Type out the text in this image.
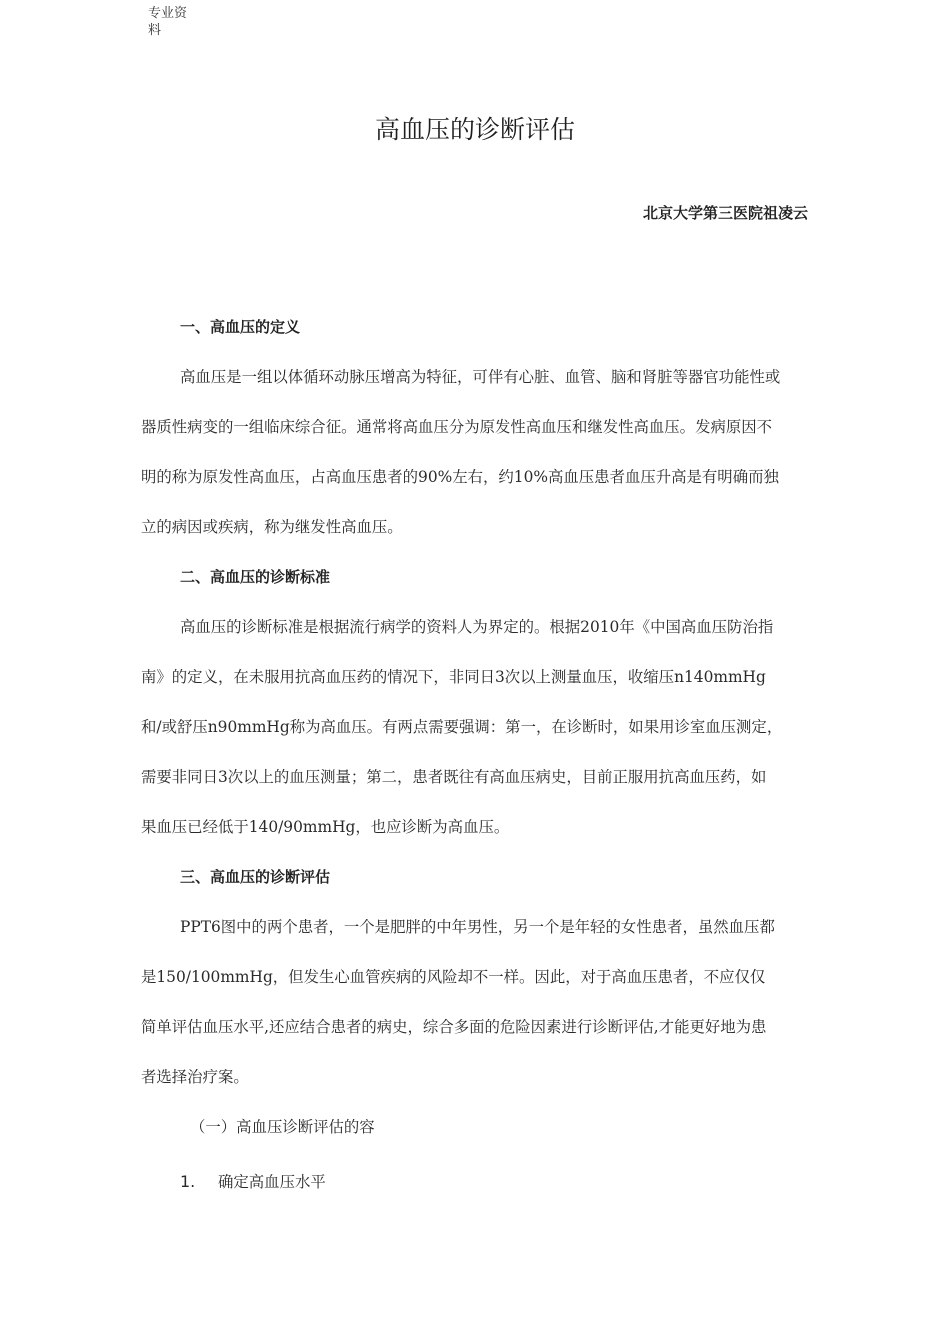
专业资料
高血压的诊断评估
北京大学第三医院祖凌云
一、高血压的定义
高血压是一组以体循环动脉压增高为特征，可伴有心脏、血管、脑和肾脏等器官功能性或
器质性病变的一组临床综合征。通常将高血压分为原发性高血压和继发性高血压。发病原因不
明的称为原发性高血压，占高血压患者的90%左右，约10%高血压患者血压升高是有明确而独
立的病因或疾病，称为继发性高血压。
二、高血压的诊断标准
高血压的诊断标准是根据流行病学的资料人为界定的。根据2010年《中国高血压防治指
南》的定义，在未服用抗高血压药的情况下，非同日3次以上测量血压，收缩压n140mmHg
和/或舒压n90mmHg称为高血压。有两点需要强调：第一，在诊断时，如果用诊室血压测定，
需要非同日3次以上的血压测量；第二，患者既往有高血压病史，目前正服用抗高血压药，如
果血压已经低于140/90mmHg，也应诊断为高血压。
三、高血压的诊断评估
PPT6图中的两个患者，一个是肥胖的中年男性，另一个是年轻的女性患者，虽然血压都
是150/100mmHg，但发生心血管疾病的风险却不一样。因此，对于高血压患者，不应仅仅
简单评估血压水平,还应结合患者的病史，综合多面的危险因素进行诊断评估,才能更好地为患
者选择治疗案。
（一）高血压诊断评估的容
1. 确定高血压水平
